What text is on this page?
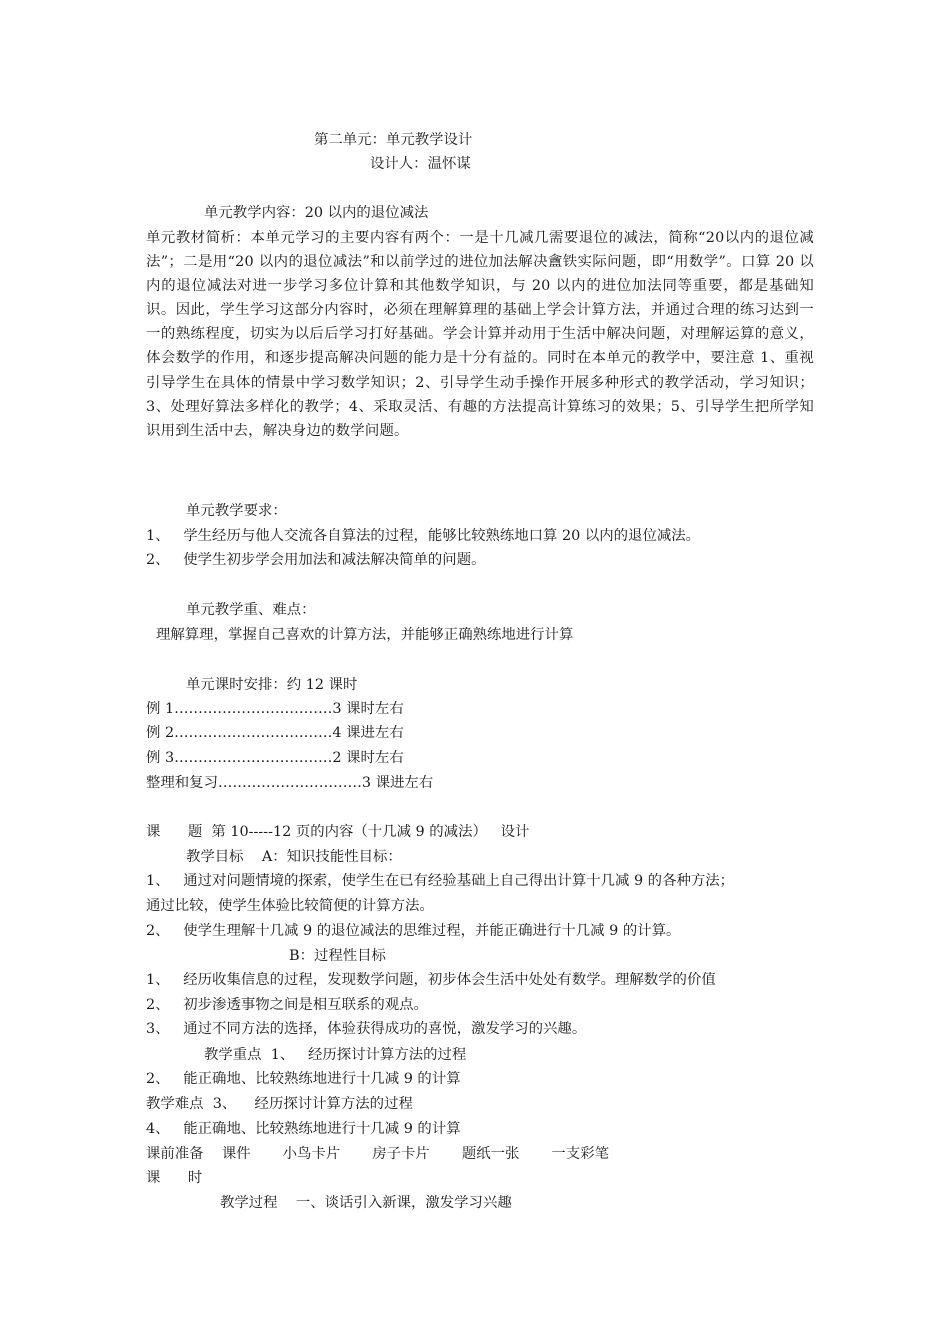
第二单元：单元教学设计

设计人：温怀谋

单元教学内容：20 以内的退位减法

单元教材简析：本单元学习的主要内容有两个：一是十几减几需要退位的减法，简称“20以内的退位减法”；二是用“20 以内的退位减法”和以前学过的进位加法解决盦铁实际问题，即“用数学”。口算 20 以内的退位减法对进一步学习多位计算和其他数学知识，与 20 以内的进位加法同等重要，都是基础知识。因此，学生学习这部分内容时，必须在理解算理的基础上学会计算方法，并通过合理的练习达到一一的熟练程度，切实为以后后学习打好基础。学会计算并动用于生活中解决问题，对理解运算的意义，体会数学的作用，和逐步提高解决问题的能力是十分有益的。同时在本单元的教学中，要注意 1、重视引导学生在具体的情景中学习数学知识；2、引导学生动手操作开展多种形式的教学活动，学习知识；3、处理好算法多样化的教学；4、采取灵活、有趣的方法提高计算练习的效果；5、引导学生把所学知识用到生活中去，解决身边的数学问题。

单元教学要求：

1、   学生经历与他人交流各自算法的过程，能够比较熟练地口算 20 以内的退位减法。

2、   使学生初步学会用加法和减法解决简单的问题。

单元教学重、难点：

理解算理，掌握自己喜欢的计算方法，并能够正确熟练地进行计算

单元课时安排：约 12 课时

例 1……………………………3 课时左右

例 2……………………………4 课进左右

例 3……………………………2 课时左右

整理和复习…………………………3 课进左右

课      题  第 10-----12 页的内容（十几减 9 的减法）   设计

教学目标    A：知识技能性目标：

1、   通过对问题情境的探索，使学生在已有经验基础上自己得出计算十几减 9 的各种方法；

通过比较，使学生体验比较简便的计算方法。

2、   使学生理解十几减 9 的退位减法的思维过程，并能正确进行十几减 9 的计算。

B：过程性目标

1、   经历收集信息的过程，发现数学问题，初步体会生活中处处有数学。理解数学的价值

2、   初步渗透事物之间是相互联系的观点。

3、   通过不同方法的选择，体验获得成功的喜悦，激发学习的兴趣。

教学重点  1、   经历探讨计算方法的过程

2、   能正确地、比较熟练地进行十几减 9 的计算

教学难点  3、    经历探讨计算方法的过程

4、   能正确地、比较熟练地进行十几减 9 的计算

课前准备    课件       小鸟卡片       房子卡片       题纸一张       一支彩笔

课      时

教学过程    一、谈话引入新课，激发学习兴趣
